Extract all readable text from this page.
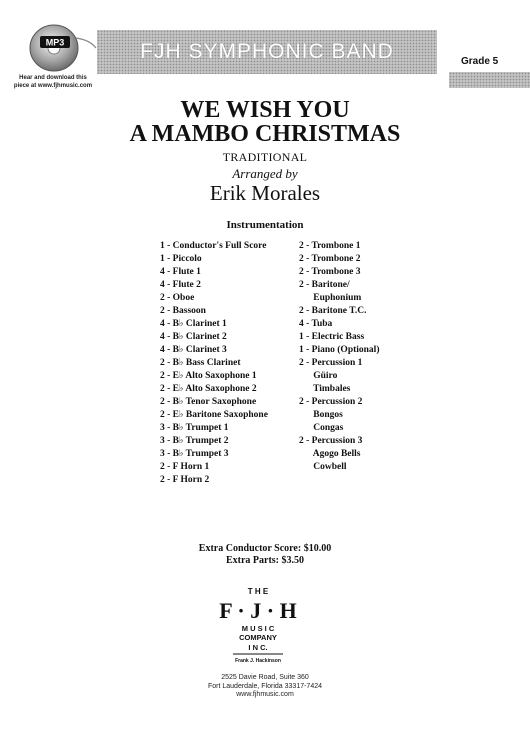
FJH SYMPHONIC BAND	Grade 5
MP3
Hear and download this
piece at www.fjhmusic.com
WE WISH YOU
A MAMBO CHRISTMAS
TRADITIONAL
Arranged by
Erik Morales
Instrumentation
1 - Conductor's Full Score
1 - Piccolo
4 - Flute 1
4 - Flute 2
2 - Oboe
2 - Bassoon
4 - B♭ Clarinet 1
4 - B♭ Clarinet 2
4 - B♭ Clarinet 3
2 - B♭ Bass Clarinet
2 - E♭ Alto Saxophone 1
2 - E♭ Alto Saxophone 2
2 - B♭ Tenor Saxophone
2 - E♭ Baritone Saxophone
3 - B♭ Trumpet 1
3 - B♭ Trumpet 2
3 - B♭ Trumpet 3
2 - F Horn 1
2 - F Horn 2
2 - Trombone 1
2 - Trombone 2
2 - Trombone 3
2 - Baritone/
Euphonium
2 - Baritone T.C.
4 - Tuba
1 - Electric Bass
1 - Piano (Optional)
2 - Percussion 1
Güiro
Timbales
2 - Percussion 2
Bongos
Congas
2 - Percussion 3
Agogo Bells
Cowbell
Extra Conductor Score: $10.00
Extra Parts: $3.50
T H E
F · J · H
M U S I C
COMPANY
I N C.
Frank J. Hackinson
2525 Davie Road, Suite 360
Fort Lauderdale, Florida 33317-7424
www.fjhmusic.com
